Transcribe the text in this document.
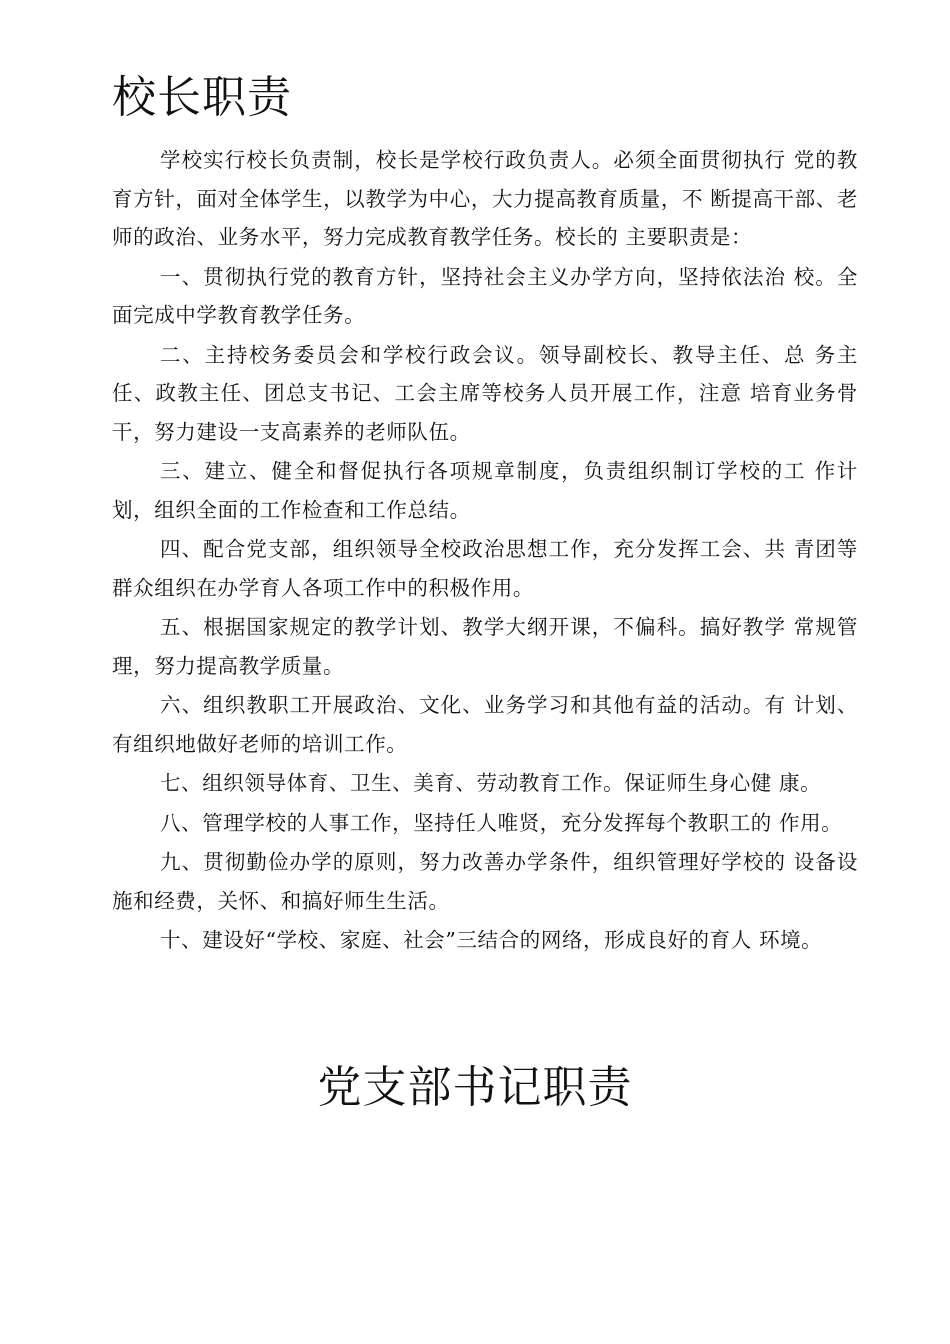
校长职责

学校实行校长负责制，校长是学校行政负责人。必须全面贯彻执行 党的教育方针，面对全体学生，以教学为中心，大力提高教育质量，不 断提高干部、老师的政治、业务水平，努力完成教育教学任务。校长的 主要职责是：

一、贯彻执行党的教育方针，坚持社会主义办学方向，坚持依法治 校。全面完成中学教育教学任务。

二、主持校务委员会和学校行政会议。领导副校长、教导主任、总 务主任、政教主任、团总支书记、工会主席等校务人员开展工作，注意 培育业务骨干，努力建设一支高素养的老师队伍。

三、建立、健全和督促执行各项规章制度，负责组织制订学校的工 作计划，组织全面的工作检查和工作总结。

四、配合党支部，组织领导全校政治思想工作，充分发挥工会、共 青团等群众组织在办学育人各项工作中的积极作用。

五、根据国家规定的教学计划、教学大纲开课，不偏科。搞好教学 常规管理，努力提高教学质量。

六、组织教职工开展政治、文化、业务学习和其他有益的活动。有 计划、有组织地做好老师的培训工作。

七、组织领导体育、卫生、美育、劳动教育工作。保证师生身心健 康。

八、管理学校的人事工作，坚持任人唯贤，充分发挥每个教职工的 作用。

九、贯彻勤俭办学的原则，努力改善办学条件，组织管理好学校的 设备设施和经费，关怀、和搞好师生生活。

十、建设好“学校、家庭、社会”三结合的网络，形成良好的育人 环境。

党支部书记职责
